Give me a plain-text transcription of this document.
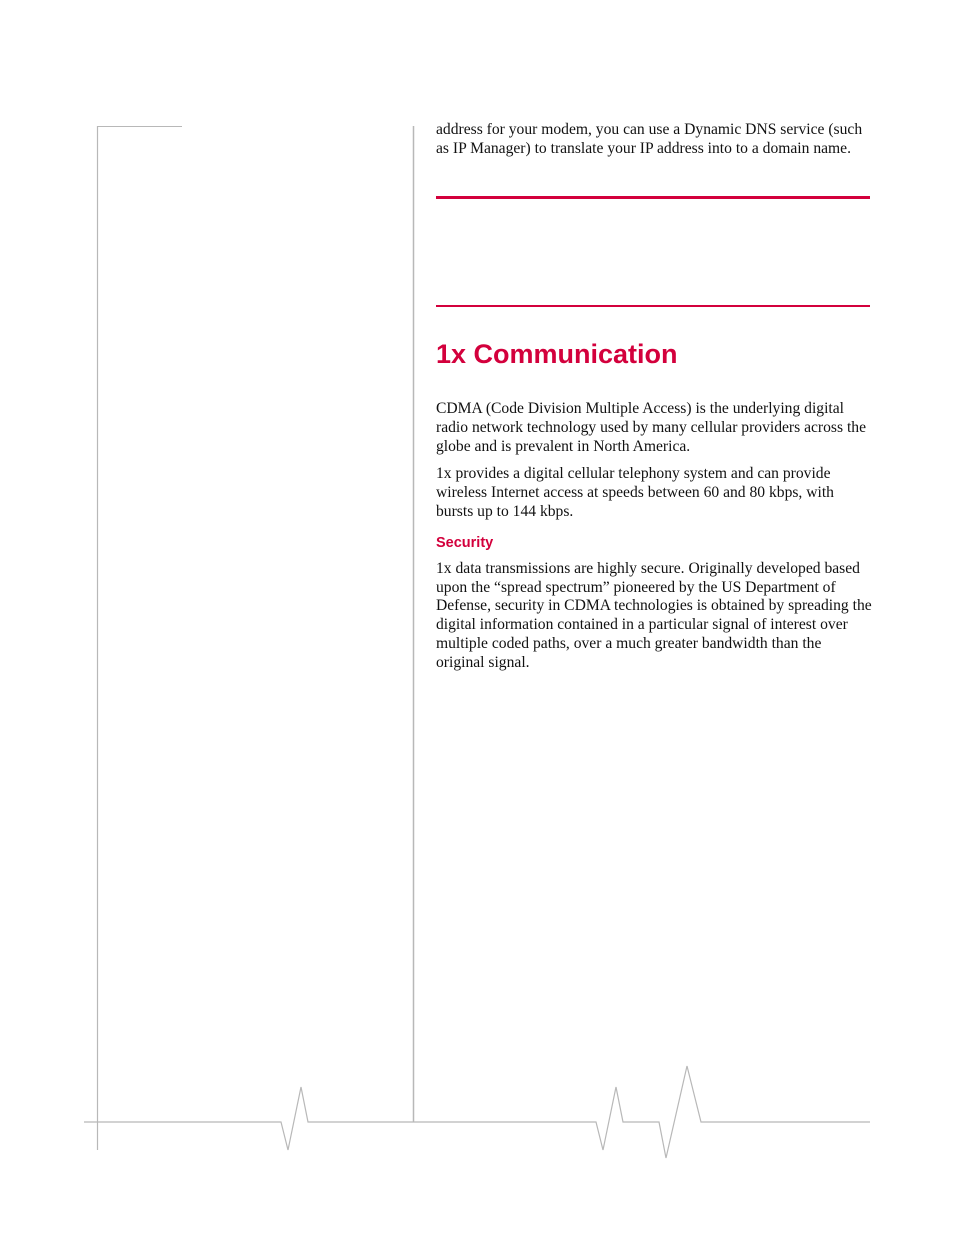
address for your modem, you can use a Dynamic DNS service (such as IP Manager) to translate your IP address into to a domain name.

1x Communication

CDMA (Code Division Multiple Access) is the underlying digital radio network technology used by many cellular providers across the globe and is prevalent in North America.

1x provides a digital cellular telephony system and can provide wireless Internet access at speeds between 60 and 80 kbps, with bursts up to 144 kbps.

Security

1x data transmissions are highly secure. Originally developed based upon the “spread spectrum” pioneered by the US Department of Defense, security in CDMA technologies is obtained by spreading the digital information contained in a particular signal of interest over multiple coded paths, over a much greater bandwidth than the original signal.
